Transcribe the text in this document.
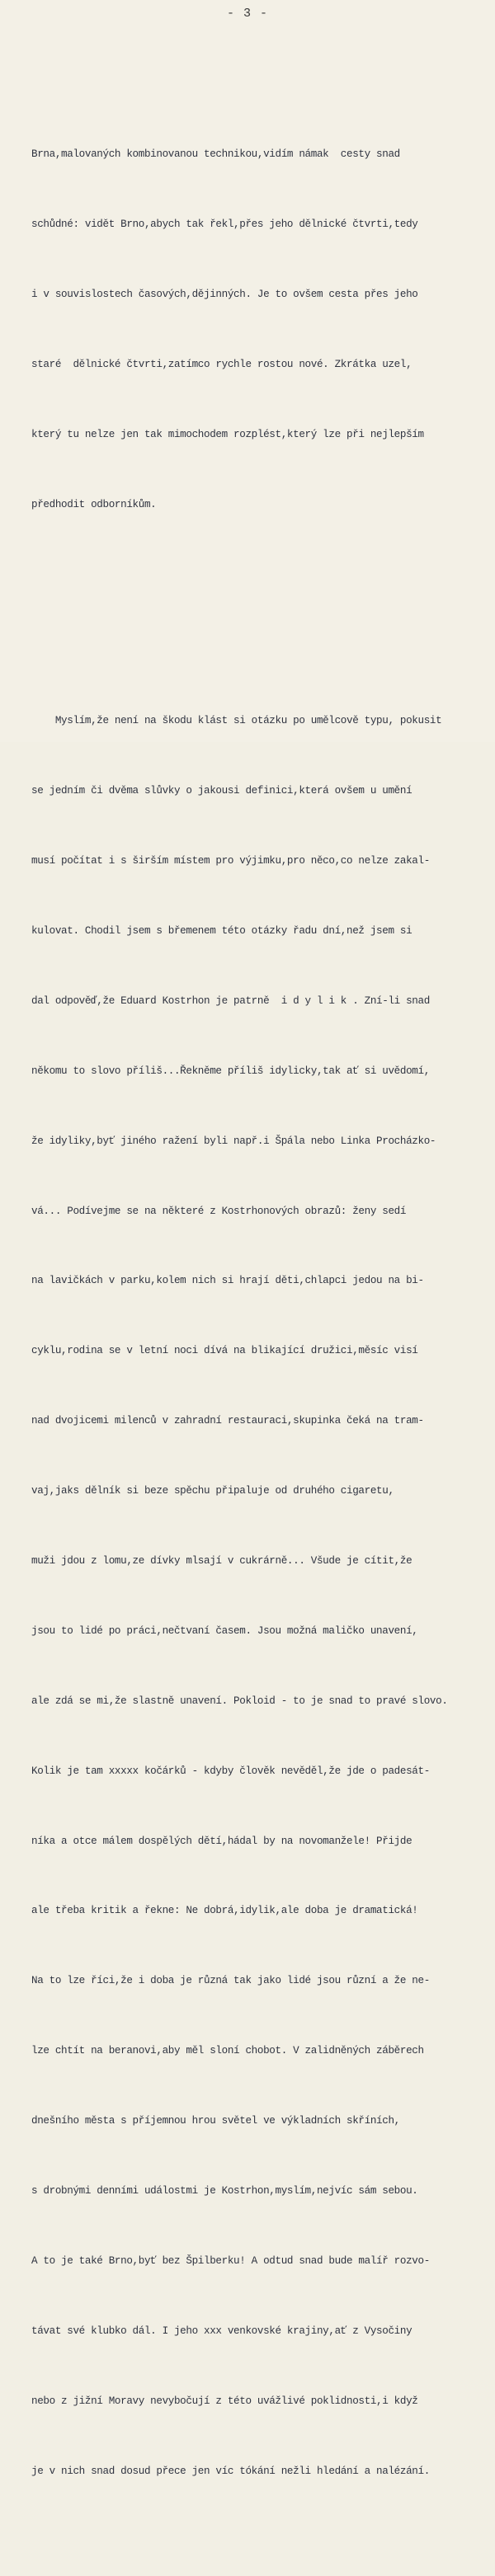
- 3 -

Brna,malovaných kombinovanou technikou,vidím námak  cesty snad

schůdné: vidět Brno,abych tak řekl,přes jeho dělnické čtvrti,tedy

i v souvislostech časových,dějinných. Je to ovšem cesta přes jeho

staré  dělnické čtvrti,zatímco rychle rostou nové. Zkrátka uzel,

který tu nelze jen tak mimochodem rozplést,který lze při nejlepším

předhodit odborníkům.

Myslím,že není na škodu klást si otázku po umělcově typu, pokusit

se jedním či dvěma slůvky o jakousi definici,která ovšem u umění

musí počítat i s širším místem pro výjimku,pro něco,co nelze zakal-

kulovat. Chodil jsem s břemenem této otázky řadu dní,než jsem si

dal odpověď,že Eduard Kostrhon je patrně  i d y l i k . Zní-li snad

někomu to slovo příliš...Řekněme příliš idylicky,tak ať si uvědomí,

že idyliky,byť jiného ražení byli např.i Špála nebo Linka Procházko-

vá... Podívejme se na některé z Kostrhonových obrazů: ženy sedí

na lavičkách v parku,kolem nich si hrají děti,chlapci jedou na bi-

cyklu,rodina se v letní noci dívá na blikající družici,měsíc visí

nad dvojicemi milenců v zahradní restauraci,skupinka čeká na tram-

vaj,jaks dělník si beze spěchu připaluje od druhého cigaretu,

muži jdou z lomu,ze dívky mlsají v cukrárně... Všude je cítit,že

jsou to lidé po práci,nečtvaní časem. Jsou možná maličko unavení,

ale zdá se mi,že slastně unavení. Pokloid - to je snad to pravé slovo.

Kolik je tam xxxxx kočárků - kdyby člověk nevěděl,že jde o padesát-

níka a otce málem dospělých dětí,hádal by na novomanžele! Přijde

ale třeba kritik a řekne: Ne dobrá,idylik,ale doba je dramatická!

Na to lze říci,že i doba je různá tak jako lidé jsou různí a že ne-

lze chtít na beranovi,aby měl sloní chobot. V zalidněných záběrech

dnešního města s příjemnou hrou světel ve výkladních skříních,

s drobnými denními událostmi je Kostrhon,myslím,nejvíc sám sebou.

A to je také Brno,byť bez Špilberku! A odtud snad bude malíř rozvo-

távat své klubko dál. I jeho xxx venkovské krajiny,ať z Vysočiny

nebo z jižní Moravy nevybočují z této uvážlivé poklidnosti,i když

je v nich snad dosud přece jen víc tókání nežli hledání a nalézání.
